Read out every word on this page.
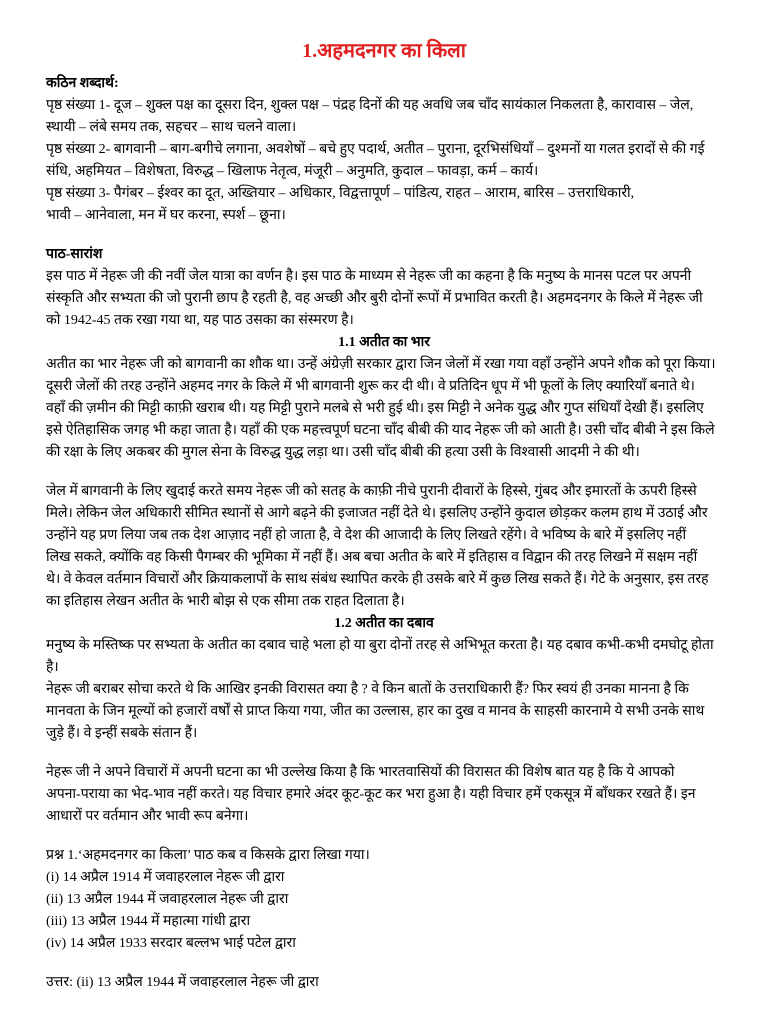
1.अहमदनगर का किला
कठिन शब्दार्थ:
पृष्ठ संख्या 1- दूज – शुक्ल पक्ष का दूसरा दिन, शुक्ल पक्ष – पंद्रह दिनों की यह अवधि जब चाँद सायंकाल निकलता है, कारावास – जेल,
स्थायी – लंबे समय तक, सहचर – साथ चलने वाला।
पृष्ठ संख्या 2- बागवानी – बाग-बगीचे लगाना, अवशेषों – बचे हुए पदार्थ, अतीत – पुराना, दूरभिसंधियाँ – दुश्मनों या गलत इरादों से की गई
संधि, अहमियत – विशेषता, विरुद्ध – खिलाफ नेतृत्व, मंजूरी – अनुमति, कुदाल – फावड़ा, कर्म – कार्य।
पृष्ठ संख्या 3- पैगंबर – ईश्वर का दूत, अख्तियार – अधिकार, विद्वत्तापूर्ण – पांडित्य, राहत – आराम, बारिस – उत्तराधिकारी,
भावी – आनेवाला, मन में घर करना, स्पर्श – छूना।
पाठ-सारांश
इस पाठ में नेहरू जी की नवीं जेल यात्रा का वर्णन है। इस पाठ के माध्यम से नेहरू जी का कहना है कि मनुष्य के मानस पटल पर अपनी
संस्कृति और सभ्यता की जो पुरानी छाप है रहती है, वह अच्छी और बुरी दोनों रूपों में प्रभावित करती है। अहमदनगर के किले में नेहरू जी
को 1942-45 तक रखा गया था, यह पाठ उसका का संस्मरण है।
1.1 अतीत का भार
अतीत का भार नेहरू जी को बागवानी का शौक था। उन्हें अंग्रेज़ी सरकार द्वारा जिन जेलों में रखा गया वहाँ उन्होंने अपने शौक को पूरा किया।
दूसरी जेलों की तरह उन्होंने अहमद नगर के किले में भी बागवानी शुरू कर दी थी। वे प्रतिदिन धूप में भी फूलों के लिए क्यारियाँ बनाते थे।
वहाँ की ज़मीन की मिट्टी काफ़ी खराब थी। यह मिट्टी पुराने मलबे से भरी हुई थी। इस मिट्टी ने अनेक युद्ध और गुप्त संधियाँ देखी हैं। इसलिए
इसे ऐतिहासिक जगह भी कहा जाता है। यहाँ की एक महत्त्वपूर्ण घटना चाँद बीबी की याद नेहरू जी को आती है। उसी चाँद बीबी ने इस किले
की रक्षा के लिए अकबर की मुगल सेना के विरुद्ध युद्ध लड़ा था। उसी चाँद बीबी की हत्या उसी के विश्वासी आदमी ने की थी।
जेल में बागवानी के लिए खुदाई करते समय नेहरू जी को सतह के काफ़ी नीचे पुरानी दीवारों के हिस्से, गुंबद और इमारतों के ऊपरी हिस्से
मिले। लेकिन जेल अधिकारी सीमित स्थानों से आगे बढ़ने की इजाजत नहीं देते थे। इसलिए उन्होंने कुदाल छोड़कर कलम हाथ में उठाई और
उन्होंने यह प्रण लिया जब तक देश आज़ाद नहीं हो जाता है, वे देश की आजादी के लिए लिखते रहेंगे। वे भविष्य के बारे में इसलिए नहीं
लिख सकते, क्योंकि वह किसी पैगम्बर की भूमिका में नहीं हैं। अब बचा अतीत के बारे में इतिहास व विद्वान की तरह लिखने में सक्षम नहीं
थे। वे केवल वर्तमान विचारों और क्रियाकलापों के साथ संबंध स्थापित करके ही उसके बारे में कुछ लिख सकते हैं। गेटे के अनुसार, इस तरह
का इतिहास लेखन अतीत के भारी बोझ से एक सीमा तक राहत दिलाता है।
1.2 अतीत का दबाव
मनुष्य के मस्तिष्क पर सभ्यता के अतीत का दबाव चाहे भला हो या बुरा दोनों तरह से अभिभूत करता है। यह दबाव कभी-कभी दमघोटू होता
है।
नेहरू जी बराबर सोचा करते थे कि आखिर इनकी विरासत क्या है ? वे किन बातों के उत्तराधिकारी हैं? फिर स्वयं ही उनका मानना है कि
मानवता के जिन मूल्यों को हजारों वर्षों से प्राप्त किया गया, जीत का उल्लास, हार का दुख व मानव के साहसी कारनामे ये सभी उनके साथ
जुड़े हैं। वे इन्हीं सबके संतान हैं।
नेहरू जी ने अपने विचारों में अपनी घटना का भी उल्लेख किया है कि भारतवासियों की विरासत की विशेष बात यह है कि ये आपको
अपना-पराया का भेद-भाव नहीं करते। यह विचार हमारे अंदर कूट-कूट कर भरा हुआ है। यही विचार हमें एकसूत्र में बाँधकर रखते हैं। इन
आधारों पर वर्तमान और भावी रूप बनेगा।
प्रश्न 1.‘अहमदनगर का किला’ पाठ कब व किसके द्वारा लिखा गया।
(i) 14 अप्रैल 1914 में जवाहरलाल नेहरू जी द्वारा
(ii) 13 अप्रैल 1944 में जवाहरलाल नेहरू जी द्वारा
(iii) 13 अप्रैल 1944 में महात्मा गांधी द्वारा
(iv) 14 अप्रैल 1933 सरदार बल्लभ भाई पटेल द्वारा
उत्तर: (ii) 13 अप्रैल 1944 में जवाहरलाल नेहरू जी द्वारा
